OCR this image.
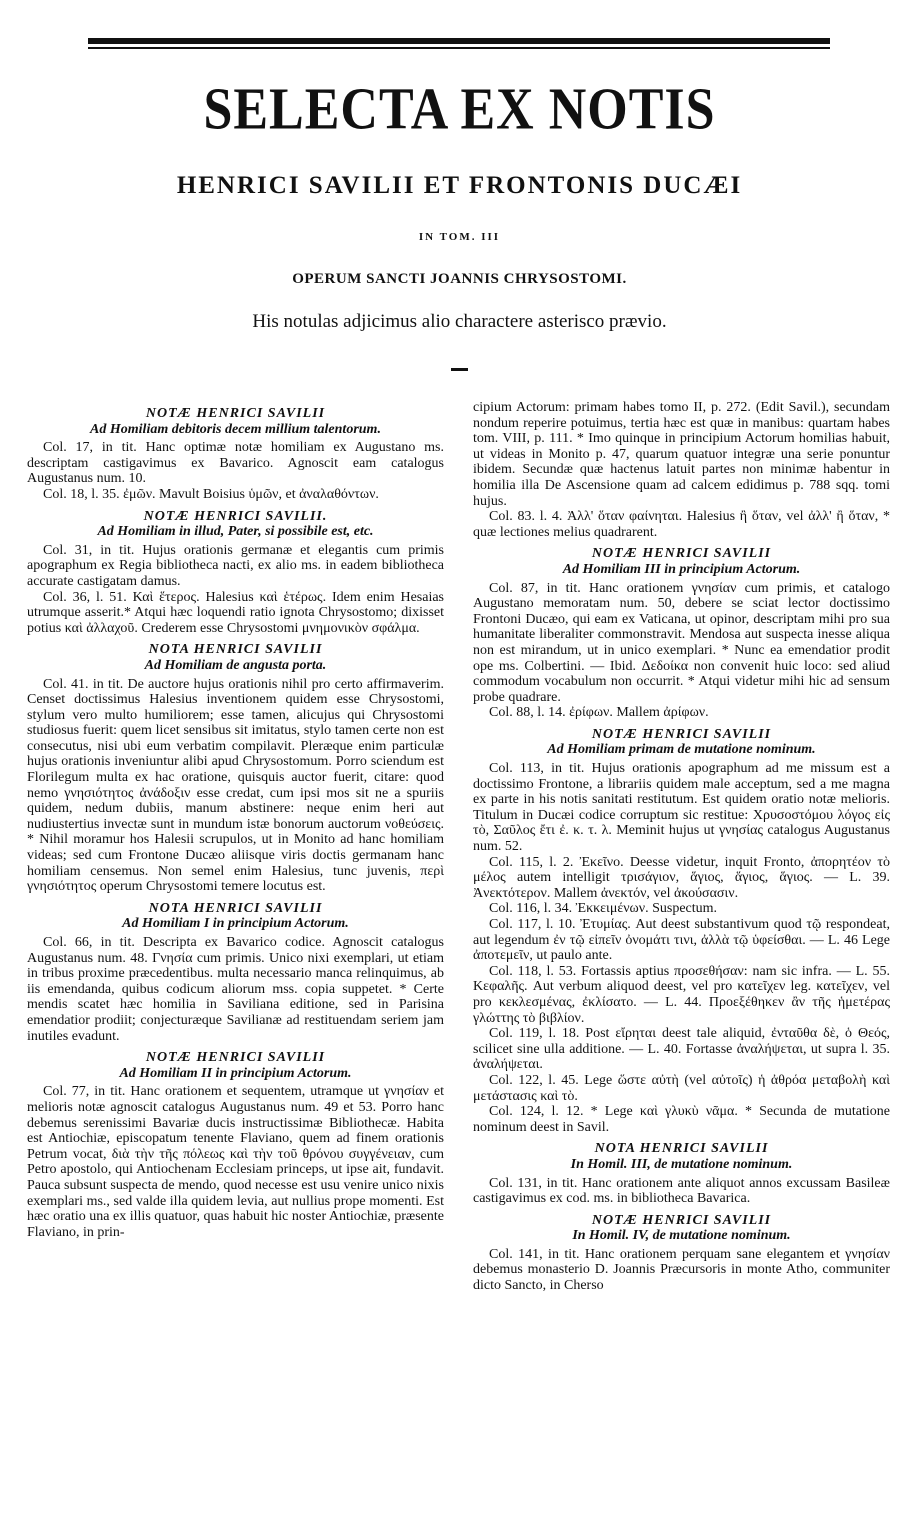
SELECTA EX NOTIS
HENRICI SAVILII ET FRONTONIS DUCÆI
IN TOM. III
OPERUM SANCTI JOANNIS CHRYSOSTOMI.
His notulas adjicimus alio charactere asterisco prævio.
NOTÆ HENRICI SAVILII
Ad Homiliam debitoris decem millium talentorum.

Col. 17, in tit. Hanc optimæ notæ homiliam ex Augustano ms. descriptam castigavimus ex Bavarico. Agnoscit eam catalogus Augustanus num. 10.

Col. 18, l. 35. ἐμῶν. Mavult Boisius ὑμῶν, et ἀναλαθόντων.

NOTÆ HENRICI SAVILII.
Ad Homiliam in illud, Pater, si possibile est, etc.

Col. 31, in tit. Hujus orationis germanæ et elegantis cum primis apographum ex Regia bibliotheca nacti, ex alio ms. in eadem bibliotheca accurate castigatam damus.

Col. 36, l. 51. Καὶ ἕτερος. Halesius καὶ ἑτέρως. Idem enim Hesaias utrumque asserit.* Atqui hæc loquendi ratio ignota Chrysostomo; dixisset potius καὶ ἀλλαχοῦ. Crederem esse Chrysostomi μνημονικὸν σφάλμα.

NOTA HENRICI SAVILII
Ad Homiliam de angusta porta.

Col. 41. in tit. De auctore hujus orationis nihil pro certo affirmaverim. Censet doctissimus Halesius inventionem quidem esse Chrysostomi, stylum vero multo humiliorem; esse tamen, alicujus qui Chrysostomi studiosus fuerit: quem licet sensibus sit imitatus, stylo tamen certe non est consecutus, nisi ubi eum verbatim compilavit. Pleræque enim particulæ hujus orationis inveniuntur alibi apud Chrysostomum. Porro sciendum est Florilegum multa ex hac oratione, quisquis auctor fuerit, citare: quod nemo γνησιότητος ἀνάδοξιν esse credat, cum ipsi mos sit ne a spuriis quidem, nedum dubiis, manum abstinere: neque enim heri aut nudiustertius invectæ sunt in mundum istæ bonorum auctorum νοθεύσεις. * Nihil moramur hos Halesii scrupulos, ut in Monito ad hanc homiliam videas; sed cum Frontone Ducæo aliisque viris doctis germanam hanc homiliam censemus. Non semel enim Halesius, tunc juvenis, περὶ γνησιότητος operum Chrysostomi temere locutus est.

NOTA HENRICI SAVILII
Ad Homiliam I in principium Actorum.

Col. 66, in tit. Descripta ex Bavarico codice. Agnoscit catalogus Augustanus num. 48. Γνησία cum primis. Unico nixi exemplari, ut etiam in tribus proxime præcedentibus. multa necessario manca relinquimus, ab iis emendanda, quibus codicum aliorum mss. copia suppetet. * Certe mendis scatet hæc homilia in Saviliana editione, sed in Parisina emendatior prodiit; conjecturæque Savilianæ ad restituendam seriem jam inutiles evadunt.

NOTÆ HENRICI SAVILII
Ad Homiliam II in principium Actorum.

Col. 77, in tit. Hanc orationem et sequentem, utramque ut γνησίαν et melioris notæ agnoscit catalogus Augustanus num. 49 et 53. Porro hanc debemus serenissimi Bavariæ ducis instructissimæ Bibliothecæ. Habita est Antiochiæ, episcopatum tenente Flaviano, quem ad finem orationis Petrum vocat, διὰ τὴν τῆς πόλεως καὶ τὴν τοῦ θρόνου συγγένειαν, cum Petro apostolo, qui Antiochenam Ecclesiam princeps, ut ipse ait, fundavit. Pauca subsunt suspecta de mendo, quod necesse est usu venire unico nixis exemplari ms., sed valde illa quidem levia, aut nullius prope momenti. Est hæc oratio una ex illis quatuor, quas habuit hic noster Antiochiæ, præsente Flaviano, in prin-

cipium Actorum: primam habes tomo II, p. 272. (Edit Savil.), secundam nondum reperire potuimus, tertia hæc est quæ in manibus: quartam habes tom. VIII, p. 111. * Imo quinque in principium Actorum homilias habuit, ut videas in Monito p. 47, quarum quatuor integræ una serie ponuntur ibidem. Secundæ quæ hactenus latuit partes non minimæ habentur in homilia illa De Ascensione quam ad calcem edidimus p. 788 sqq. tomi hujus.

Col. 83. l. 4. Ἀλλ' ὅταν φαίνηται. Halesius ἢ ὅταν, vel ἀλλ' ἢ ὅταν, * quæ lectiones melius quadrarent.

NOTÆ HENRICI SAVILII
Ad Homiliam III in principium Actorum.

Col. 87, in tit. Hanc orationem γνησίαν cum primis, et catalogo Augustano memoratam num. 50, debere se sciat lector doctissimo Frontoni Ducæo, qui eam ex Vaticana, ut opinor, descriptam mihi pro sua humanitate liberaliter commonstravit. Mendosa aut suspecta inesse aliqua non est mirandum, ut in unico exemplari. * Nunc ea emendatior prodit ope ms. Colbertini. — Ibid. Δεδοίκα non convenit huic loco: sed aliud commodum vocabulum non occurrit. * Atqui videtur mihi hic ad sensum probe quadrare.

Col. 88, l. 14. ἐρίφων. Mallem ἀρίφων.

NOTÆ HENRICI SAVILII
Ad Homiliam primam de mutatione nominum.

Col. 113, in tit. Hujus orationis apographum ad me missum est a doctissimo Frontone, a librariis quidem male acceptum, sed a me magna ex parte in his notis sanitati restitutum. Est quidem oratio notæ melioris. Titulum in Ducæi codice corruptum sic restitue: Χρυσοστόμου λόγος εἰς τὸ, Σαῦλος ἔτι ἐ. κ. τ. λ. Meminit hujus ut γνησίας catalogus Augustanus num. 52.

Col. 115, l. 2. Ἐκεῖνο. Deesse videtur, inquit Fronto, ἀπορητέον τὸ μέλος autem intelligit τρισάγιον, ἅγιος, ἅγιος, ἅγιος. — L. 39. Ἀνεκτότερον. Mallem ἀνεκτόν, vel ἀκούσασιν.

Col. 116, l. 34. Ἐκκειμένων. Suspectum.

Col. 117, l. 10. Ἐτυμίας. Aut deest substantivum quod τῷ respondeat, aut legendum ἐν τῷ εἰπεῖν ὀνομάτι τινι, ἀλλὰ τῷ ὑφείσθαι. — L. 46 Lege ἀποτεμεῖν, ut paulo ante.

Col. 118, l. 53. Fortassis aptius προσεθήσαν: nam sic infra. — L. 55. Κεφαλῆς. Aut verbum aliquod deest, vel pro κατεῖχεν leg. κατεῖχεν, vel pro κεκλεσμένας, ἐκλίσατο. — L. 44. Προεξέθηκεν ἂν τῆς ἡμετέρας γλώττης τὸ βιβλίον.

Col. 119, l. 18. Post εἴρηται deest tale aliquid, ἐνταῦθα δὲ, ὁ Θεός, scilicet sine ulla additione. — L. 40. Fortasse ἀναλήψεται, ut supra l. 35. ἀναλήψεται.

Col. 122, l. 45. Lege ὥστε αὐτὴ (vel αὐτοῖς) ἡ ἀθρόα μεταβολὴ καὶ μετάστασις καὶ τὸ.

Col. 124, l. 12. * Lege καὶ γλυκὺ νᾶμα. * Secunda de mutatione nominum deest in Savil.

NOTA HENRICI SAVILII
In Homil. III, de mutatione nominum.

Col. 131, in tit. Hanc orationem ante aliquot annos excussam Basileæ castigavimus ex cod. ms. in bibliotheca Bavarica.

NOTÆ HENRICI SAVILII
In Homil. IV, de mutatione nominum.

Col. 141, in tit. Hanc orationem perquam sane elegantem et γνησίαν debemus monasterio D. Joannis Præcursoris in monte Atho, communiter dicto Sancto, in Cherso
